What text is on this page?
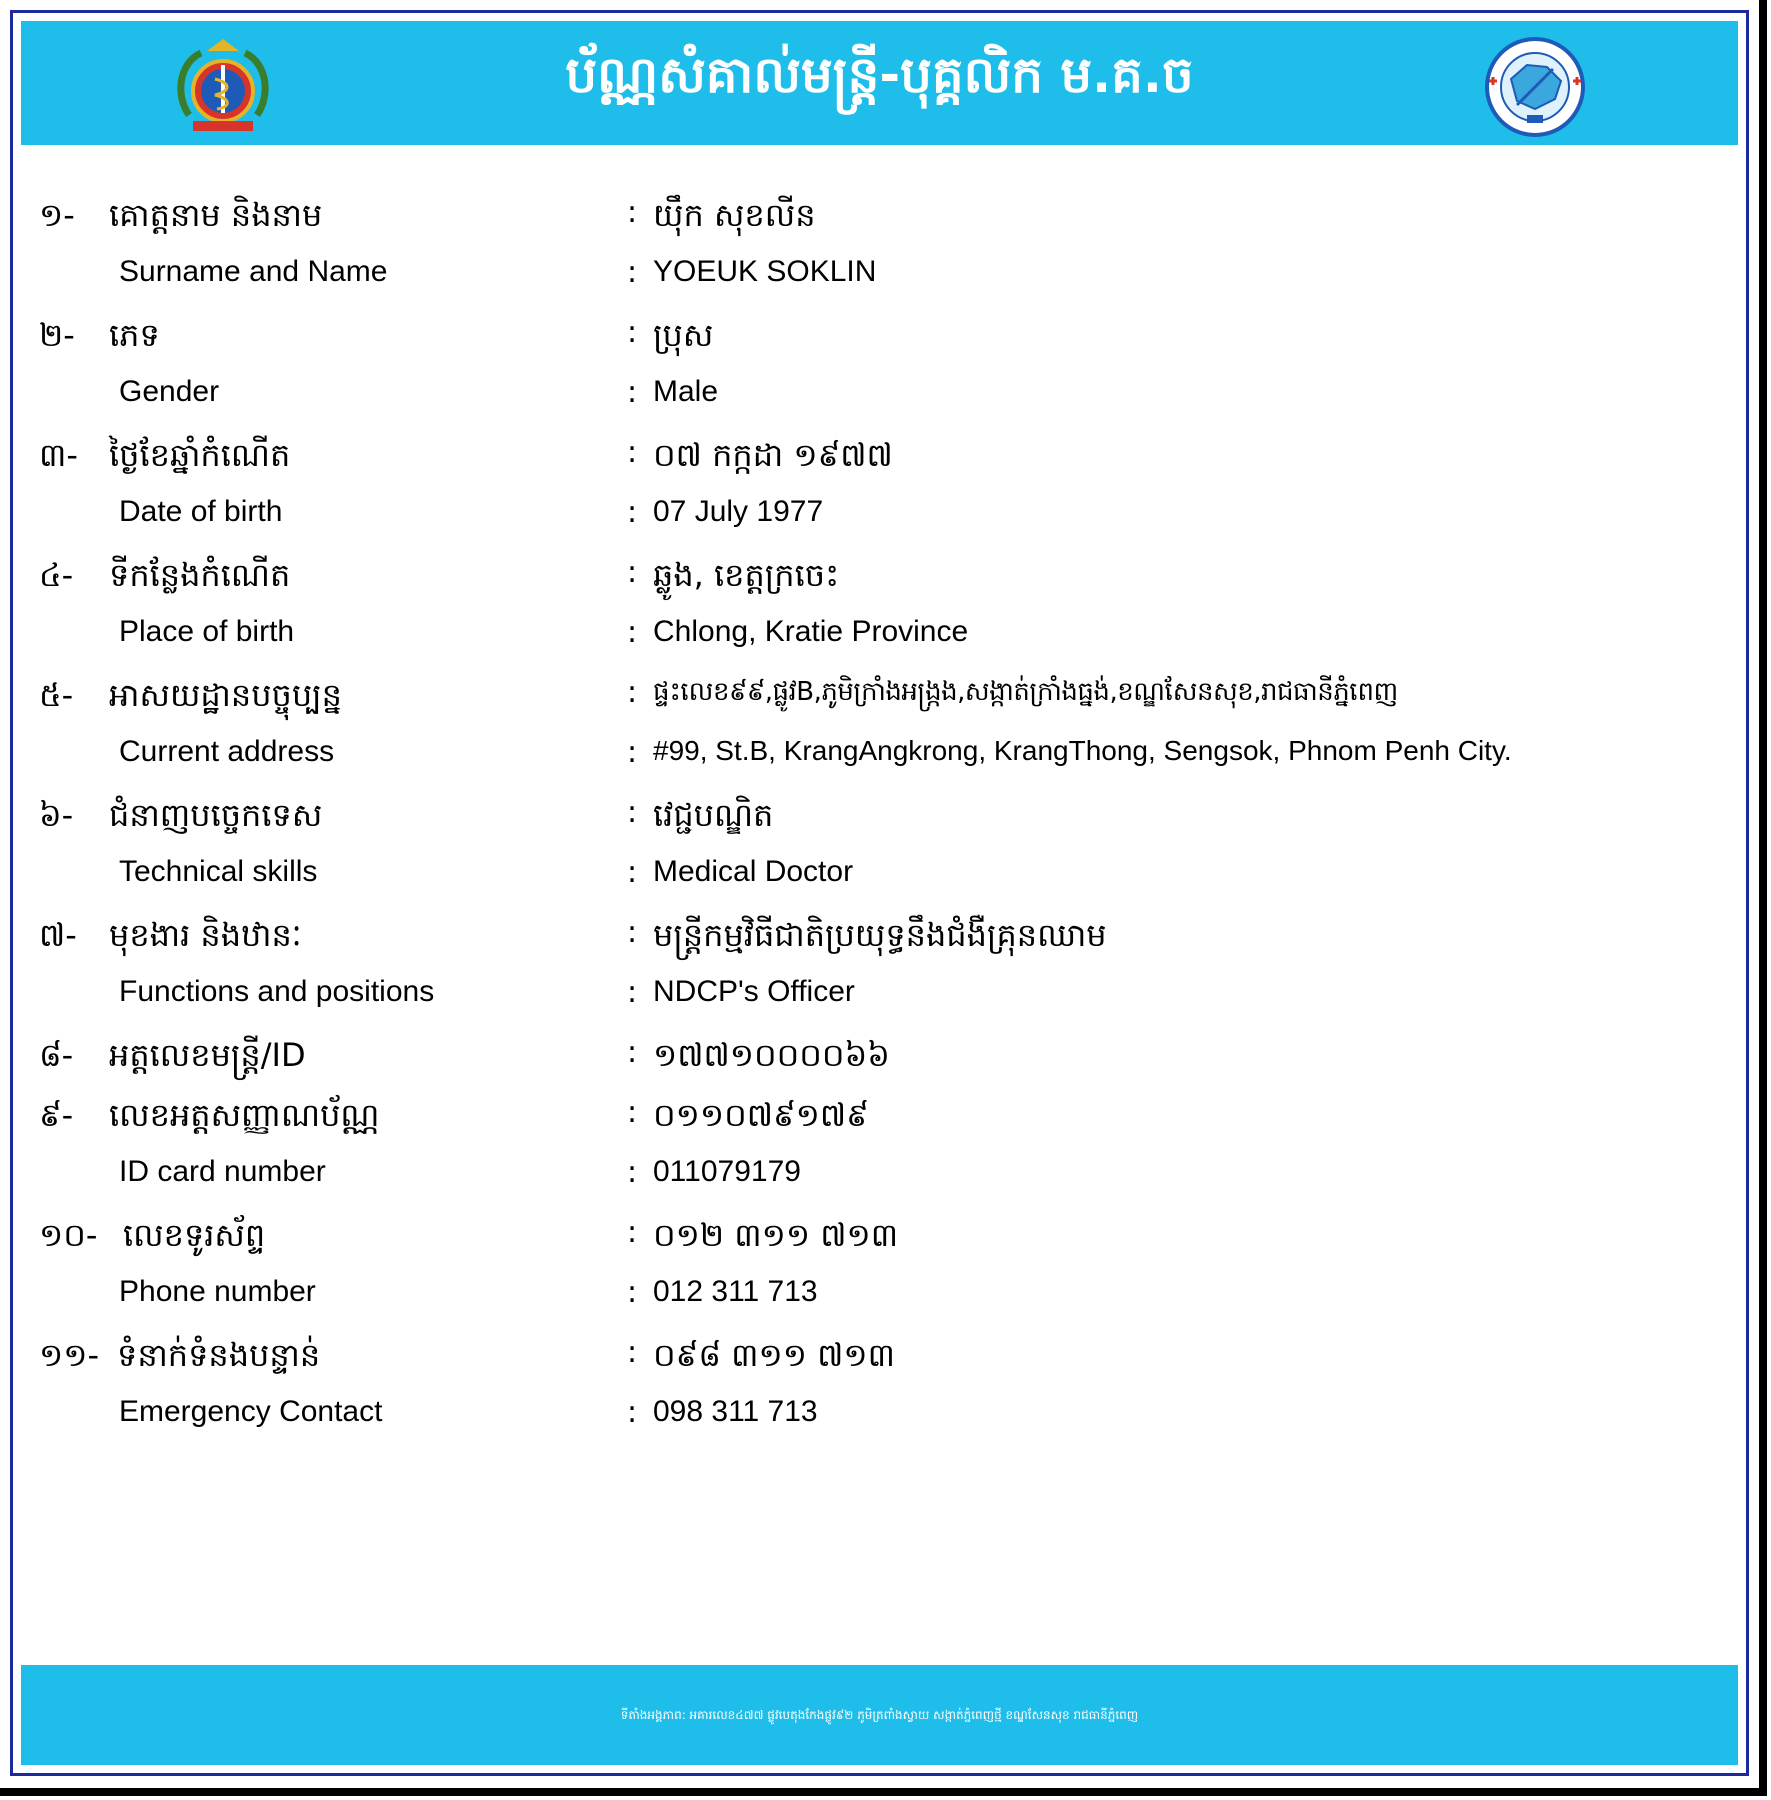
ប័ណ្ណសំគាល់មន្ត្រី-បុគ្គលិក ម.គ.ច
១- គោត្តនាម និងនាម	: យ៉ឹក សុខលីន
Surname and Name	: YOEUK SOKLIN
២- ភេទ	: ប្រុស
Gender	: Male
៣- ថ្ងៃខែឆ្នាំកំណើត	: ០៧ កក្កដា ១៩៧៧
Date of birth	: 07 July 1977
៤- ទីកន្លែងកំណើត	: ឆ្លូង, ខេត្តក្រចេះ
Place of birth	: Chlong, Kratie Province
៥- អាសយដ្ឋានបច្ចុប្បន្ន	: ផ្ទះលេខ៩៩,ផ្លូវB,ភូមិក្រាំងអង្រ្កង,សង្កាត់ក្រាំងធ្នង់,ខណ្ឌសែនសុខ,រាជធានីភ្នំពេញ
Current address	: #99, St.B, KrangAngkrong, KrangThong, Sengsok, Phnom Penh City.
៦- ជំនាញបច្ចេកទេស	: វេជ្ជបណ្ឌិត
Technical skills	: Medical Doctor
៧- មុខងារ និងឋានៈ	: មន្ត្រីកម្មវិធីជាតិប្រយុទ្ធនឹងជំងឺគ្រុនឈាម
Functions and positions	: NDCP's Officer
៨- អត្តលេខមន្ត្រី/ID	: ១៧៧១០០០០៦៦
៩- លេខអត្តសញ្ញាណប័ណ្ណ	: ០១១០៧៩១៧៩
ID card number	: 011079179
១០- លេខទូរស័ព្ទ	: ០១២ ៣១១ ៧១៣
Phone number	: 012 311 713
១១- ទំនាក់ទំនងបន្ទាន់	: ០៩៨ ៣១១ ៧១៣
Emergency Contact	: 098 311 713
ទីតាំងអង្គភាព: អគារលេខ៤៧៧ ផ្លូវបេតុងកែងផ្លូវ៩២ ភូមិត្រពាំងស្វាយ សង្កាត់ភ្នំពេញថ្មី ខណ្ឌសែនសុខ រាជធានីភ្នំពេញ
